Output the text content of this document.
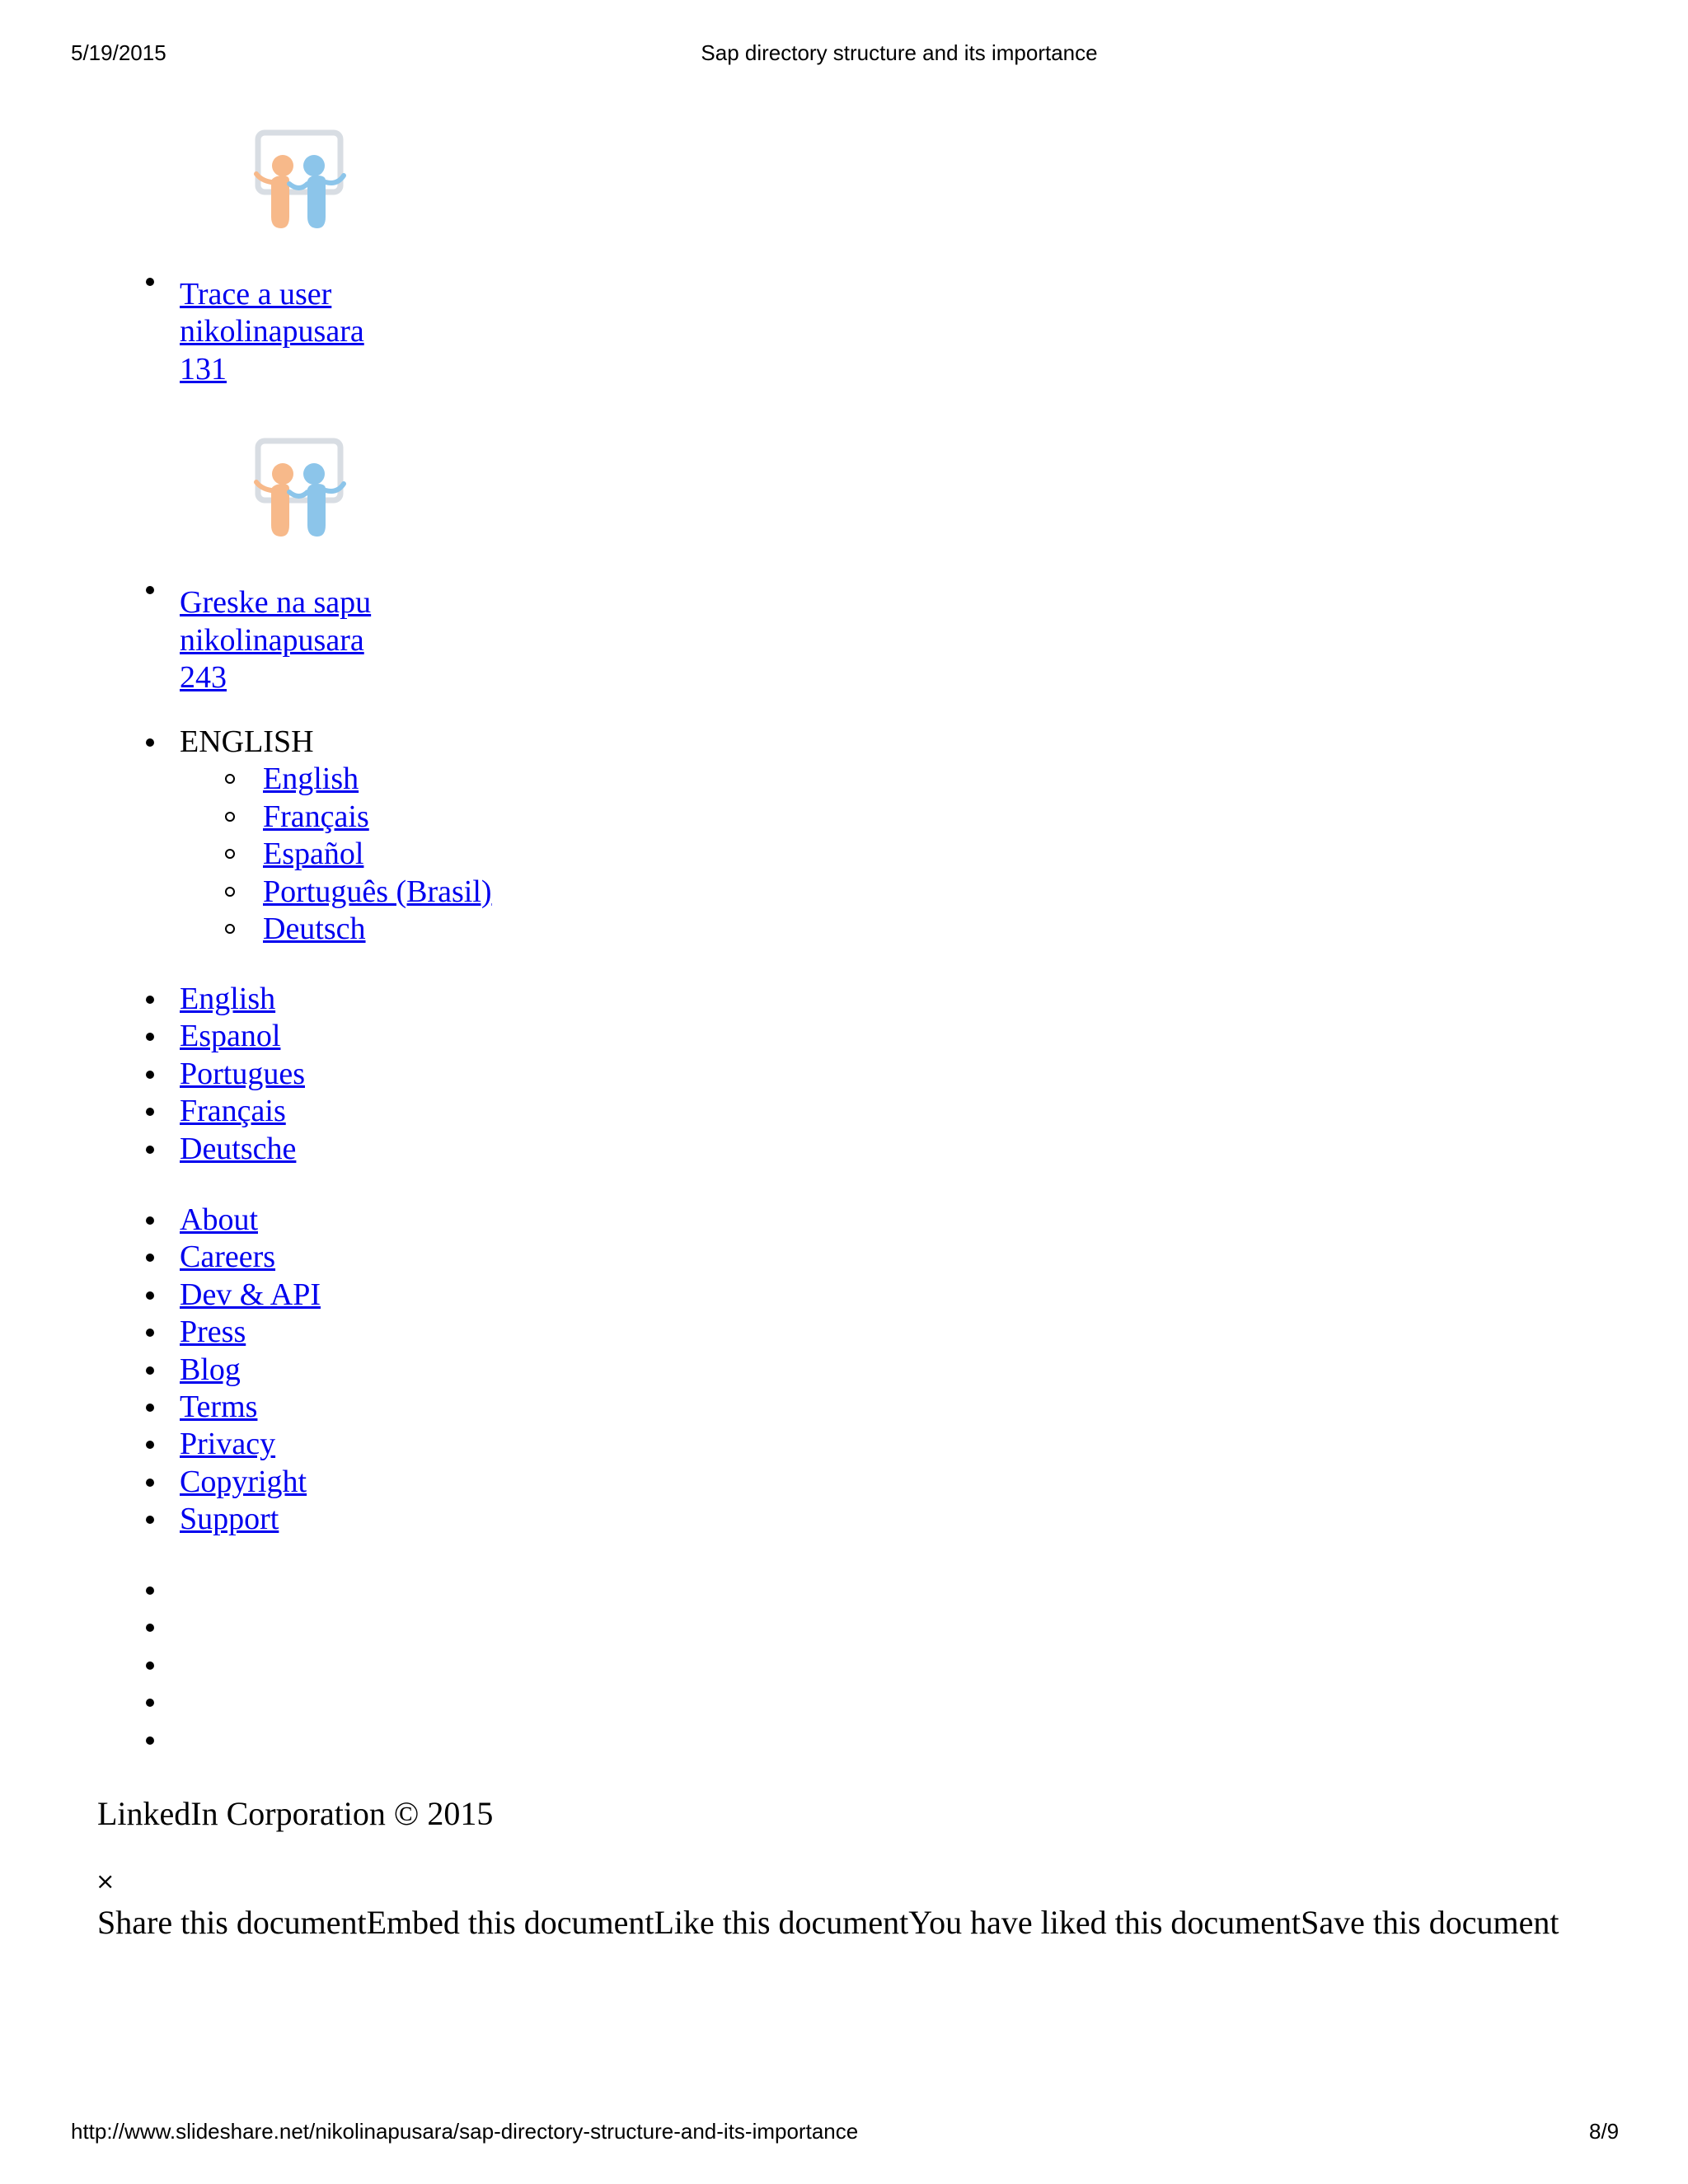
5/19/2015	Sap directory structure and its importance
Trace a user
nikolinapusara
131
Greske na sapu
nikolinapusara
243
ENGLISH
English
Français
Español
Português (Brasil)
Deutsch
English
Espanol
Portugues
Français
Deutsche
About
Careers
Dev & API
Press
Blog
Terms
Privacy
Copyright
Support
LinkedIn Corporation © 2015
×
Share this documentEmbed this documentLike this documentYou have liked this documentSave this document
http://www.slideshare.net/nikolinapusara/sap-directory-structure-and-its-importance	8/9
